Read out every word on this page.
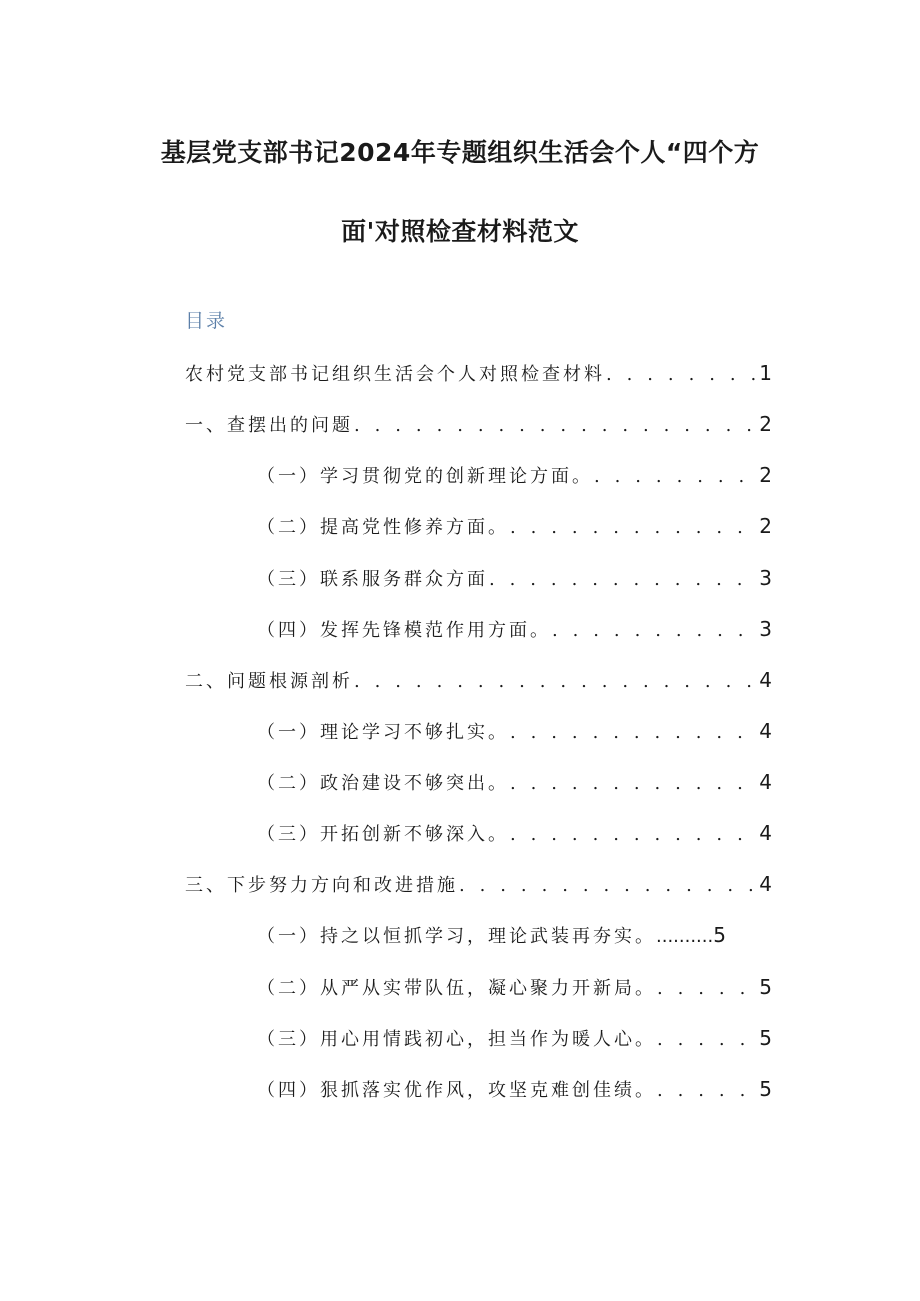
基层党支部书记2024年专题组织生活会个人“四个方
面'对照检查材料范文
目录
农村党支部书记组织生活会个人对照检查材料 . . .	1
一、查摆出的问题 . . .	2
（一）学习贯彻党的创新理论方面。 . . .	2
（二）提高党性修养方面。 . . .	2
（三）联系服务群众方面 . . .	3
（四）发挥先锋模范作用方面。 . . .	3
二、问题根源剖析 . . .	4
（一）理论学习不够扎实。 . . .	4
（二）政治建设不够突出。 . . .	4
（三）开拓创新不够深入。 . . .	4
三、下步努力方向和改进措施 . . .	4
（一）持之以恒抓学习，理论武装再夯实。 .......... 5
（二）从严从实带队伍，凝心聚力开新局。 . . .	5
（三）用心用情践初心，担当作为暖人心。 . . .	5
（四）狠抓落实优作风，攻坚克难创佳绩。 . . .	5
